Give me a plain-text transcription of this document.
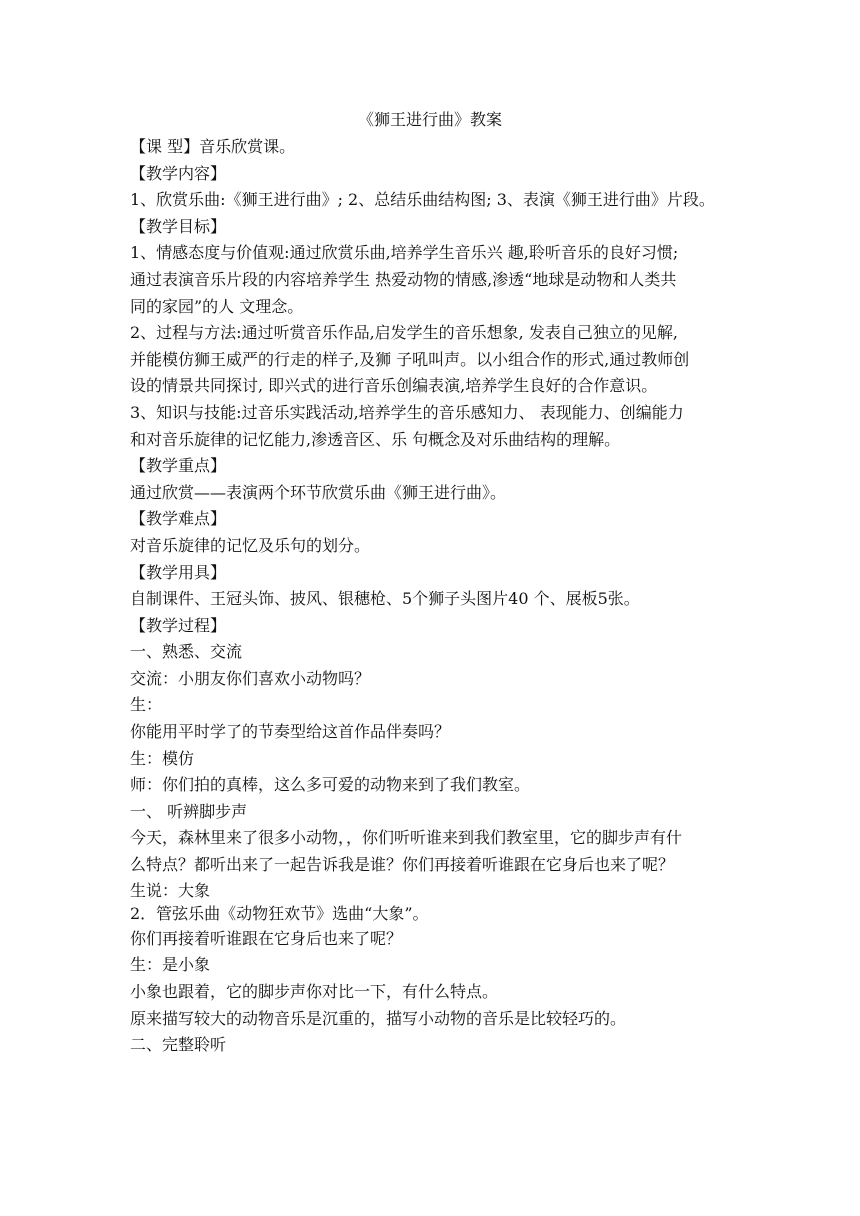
《狮王进行曲》教案
【课 型】音乐欣赏课。
【教学内容】
1、欣赏乐曲:《狮王进行曲》; 2、总结乐曲结构图; 3、表演《狮王进行曲》片段。
【教学目标】
1、情感态度与价值观:通过欣赏乐曲,培养学生音乐兴 趣,聆听音乐的良好习惯;
通过表演音乐片段的内容培养学生 热爱动物的情感,渗透“地球是动物和人类共
同的家园”的人 文理念。
2、过程与方法:通过听赏音乐作品,启发学生的音乐想象, 发表自己独立的见解,
并能模仿狮王威严的行走的样子,及狮 子吼叫声。以小组合作的形式,通过教师创
设的情景共同探讨, 即兴式的进行音乐创编表演,培养学生良好的合作意识。
3、知识与技能:过音乐实践活动,培养学生的音乐感知力、 表现能力、创编能力
和对音乐旋律的记忆能力,渗透音区、乐 句概念及对乐曲结构的理解。
【教学重点】
通过欣赏——表演两个环节欣赏乐曲《狮王进行曲》。
【教学难点】
对音乐旋律的记忆及乐句的划分。
【教学用具】
自制课件、王冠头饰、披风、银穗枪、5个狮子头图片40 个、展板5张。
【教学过程】
一、熟悉、交流
交流：小朋友你们喜欢小动物吗？
生：
你能用平时学了的节奏型给这首作品伴奏吗？
生：模仿
师：你们拍的真棒，这么多可爱的动物来到了我们教室。
一、 听辨脚步声
今天，森林里来了很多小动物，，你们听听谁来到我们教室里，它的脚步声有什
么特点？都听出来了一起告诉我是谁？你们再接着听谁跟在它身后也来了呢？
生说：大象
2．管弦乐曲《动物狂欢节》选曲“大象”。
你们再接着听谁跟在它身后也来了呢？
生：是小象
小象也跟着，它的脚步声你对比一下，有什么特点。
原来描写较大的动物音乐是沉重的，描写小动物的音乐是比较轻巧的。
二、完整聆听
